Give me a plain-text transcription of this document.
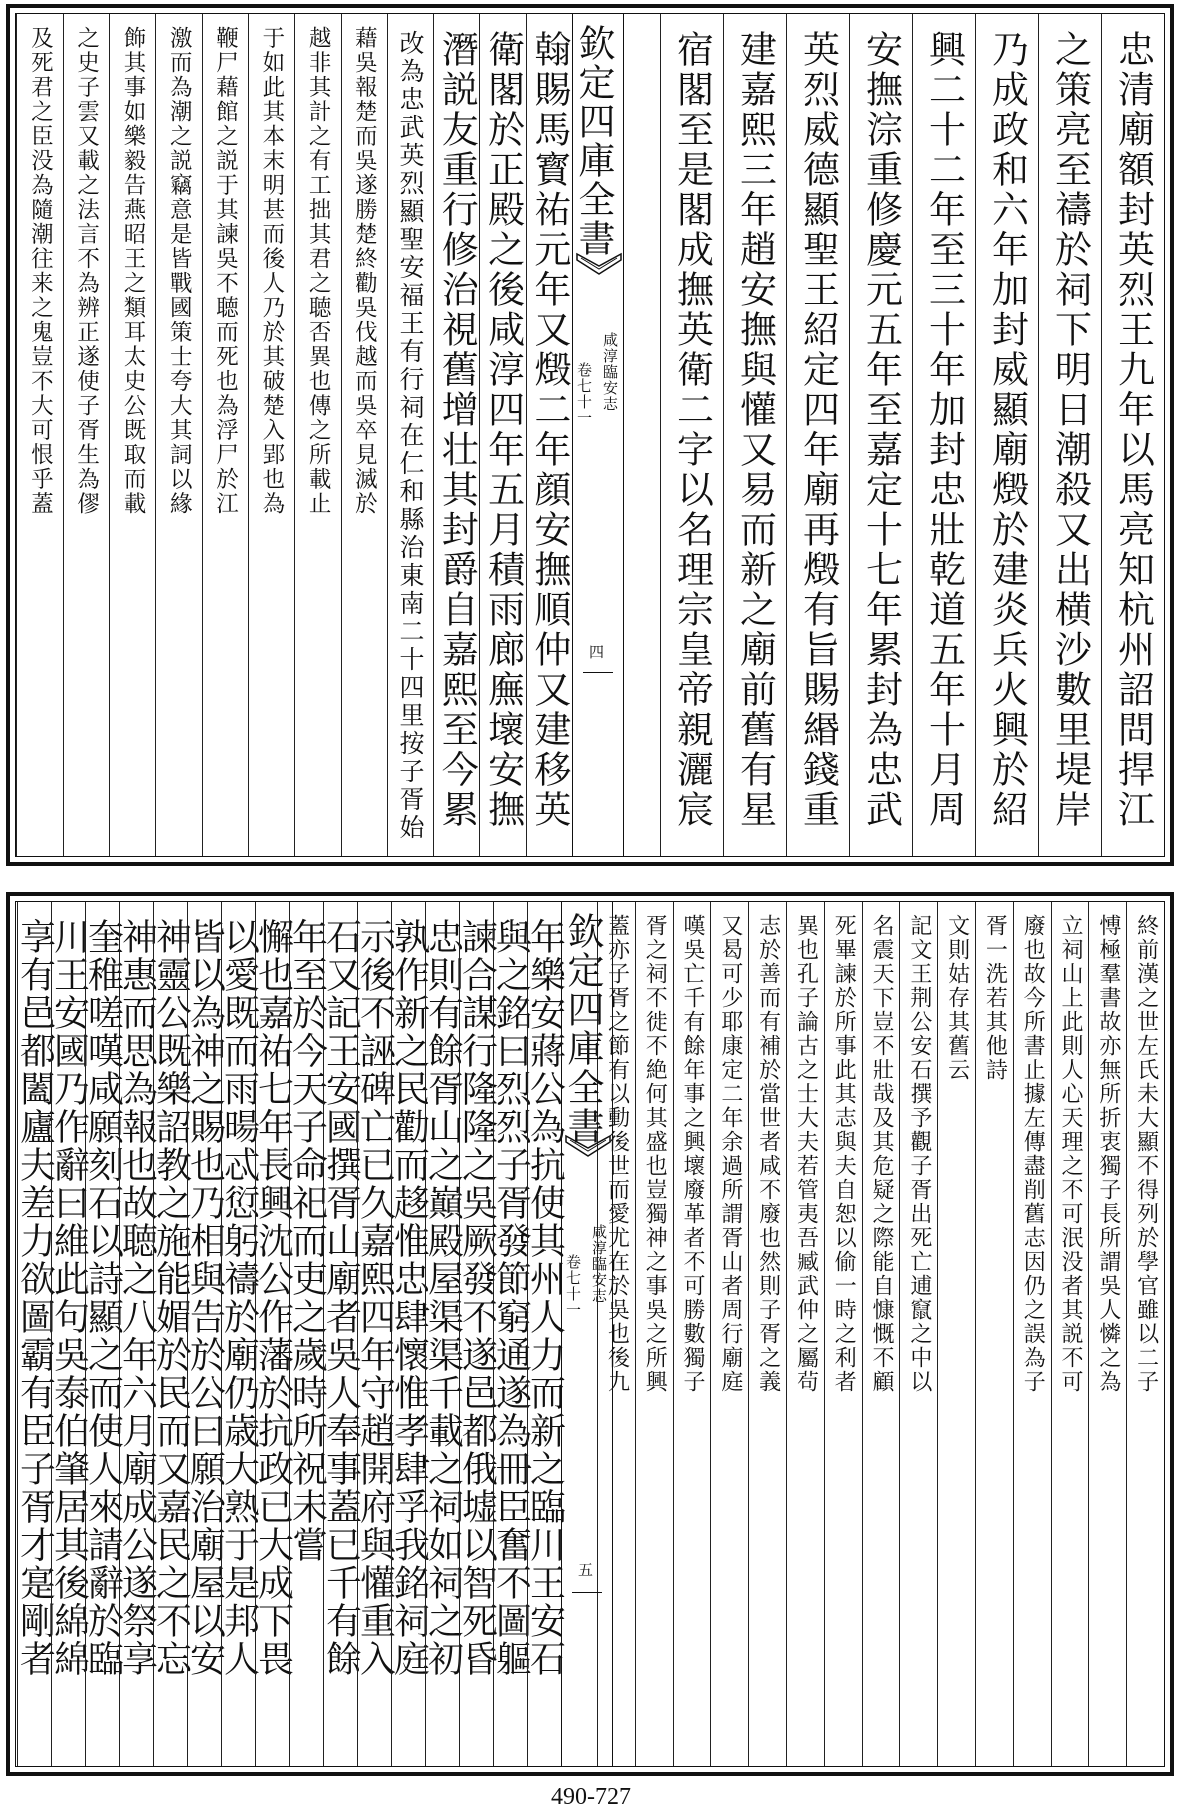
忠清廟額封英烈王九年以馬亮知杭州詔問捍江
之策亮至禱於祠下明日潮殺又出横沙數里堤岸
乃成政和六年加封威顯廟燬於建炎兵火興於紹
興二十二年至三十年加封忠壯乾道五年十月周
安撫淙重修慶元五年至嘉定十七年累封為忠武
英烈威德顯聖王紹定四年廟再燬有旨賜緡錢重
建嘉熙三年趙安撫與懽又易而新之廟前舊有星
宿閣至是閣成撫英衛二字以名理宗皇帝親灑宸
欽定四庫全書
咸淳臨安志
卷七十一
四
翰賜馬寳祐元年又燬二年顔安撫順仲又建移英
衛閣於正殿之後咸淳四年五月積雨廊廡壞安撫
潛説友重行修治視舊增壮其封爵自嘉熙至今累
改為忠武英烈顯聖安福王有行祠在仁和縣治東南二十四里按子胥始
藉吳報楚而吳遂勝楚終勸吳伐越而吳卒見滅於
越非其計之有工拙其君之聴否異也傳之所載止
于如此其本末明甚而後人乃於其破楚入郢也為
鞭尸藉館之説于其諫吳不聴而死也為浮尸於江
激而為潮之説竊意是皆戰國策士夸大其詞以緣
飾其事如樂毅告燕昭王之類耳太史公既取而載
之史子雲又載之法言不為辨正遂使子胥生為僇
及死君之臣没為隨潮往来之鬼豈不大可恨乎蓋
終前漢之世左氏未大顯不得列於學官雖以二子
愽極羣書故亦無所折衷獨子長所謂吳人憐之為
立祠山上此則人心天理之不可泯没者其説不可
廢也故今所書止據左傳盡削舊志因仍之誤為子
胥一洗若其他詩
文則姑存其舊云
記文王荆公安石撰予觀子胥出死亡逋竄之中以
名震天下豈不壯哉及其危疑之際能自慷慨不顧
死畢諫於所事此其志與夫自恕以偷一時之利者
異也孔子論古之士大夫若管夷吾臧武仲之屬茍
志於善而有補於當世者咸不廢也然則子胥之義
又曷可少耶康定二年余過所謂胥山者周行廟庭
嘆吳亡千有餘年事之興壞廢革者不可勝數獨子
胥之祠不徙不絶何其盛也豈獨神之事吳之所興
蓋亦子胥之節有以動後世而愛尤在於吳也後九
欽定四庫全書
咸淳臨安志
卷七十一
五
年樂安蔣公為抗使其州人力而新之臨川王安石
與之銘曰烈烈子胥發節窮通遂為冊臣奮不圖軀
諫合謀行隆隆之吳厥發不遂邑都俄墟以智死昏
忠則有餘胥山之巔殿屋渠渠千載之祠如祠之初
孰作新之民勸而趍惟忠肆懷惟孝肆孚我銘祠庭
示後不誣碑亡已久嘉熙四年守趙開府與懽重入
石又記王安國撰胥山廟者吳人奉事蓋已千有餘
年至於今天子命祀而吏之歲時所祝未嘗
懈也嘉祐七年長興沈公作藩於抗政已大成下畏
以愛既而雨暘忒愆躬禱於廟仍歳大熟于是邦人
皆以為神之賜也乃相與告於公曰願治廟屋以安
神靈公既樂詔教之施能媚於民而又嘉民之不忘
神惠而思為報也故聴之八年六月廟成公遂祭享
奎稚嗟嘆咸願刻石以詩顯之而使人來請辭於臨
川王安國乃作辭曰維此句吳泰伯肇居其後綿綿
享有邑都闔廬夫差力欲圖霸有臣子胥才寔剛者
490-727
